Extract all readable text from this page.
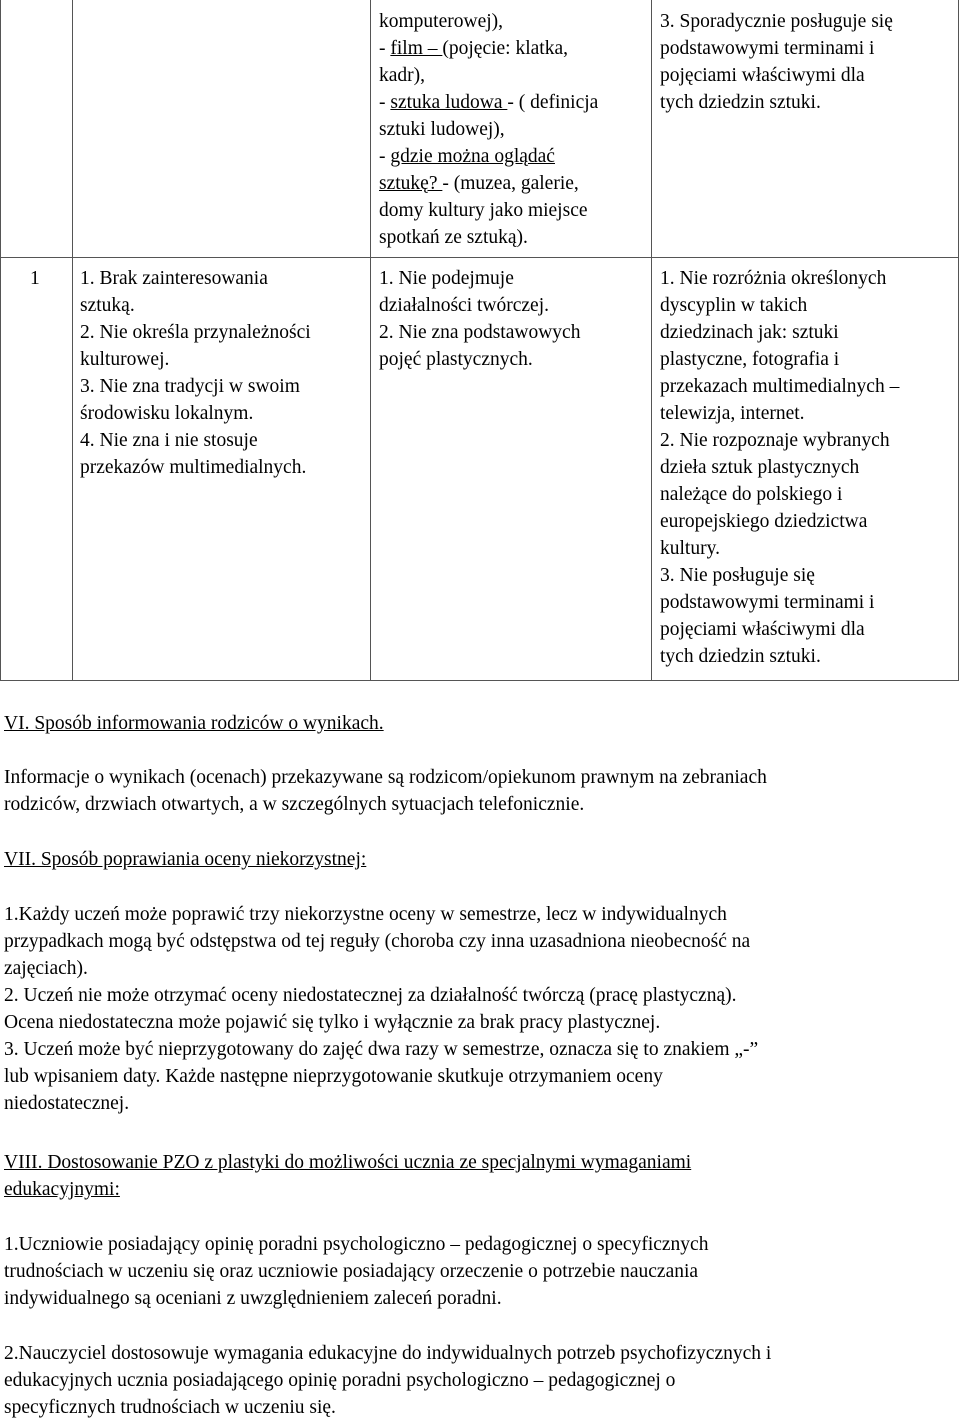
komputerowej),
- film – (pojęcie: klatka,
kadr),
- sztuka ludowa - ( definicja
sztuki ludowej),
- gdzie można oglądać
sztukę? - (muzea, galerie,
domy kultury jako miejsce
spotkań ze sztuką).
3. Sporadycznie posługuje się
podstawowymi terminami i
pojęciami właściwymi dla
tych dziedzin sztuki.
1 1. Brak zainteresowania
sztuką.
2. Nie określa przynależności
kulturowej.
3. Nie zna tradycji w swoim
środowisku lokalnym.
4. Nie zna i nie stosuje
przekazów multimedialnych.
1. Nie podejmuje
działalności twórczej.
2. Nie zna podstawowych
pojęć plastycznych.
1. Nie rozróżnia określonych
dyscyplin w takich
dziedzinach jak: sztuki
plastyczne, fotografia i
przekazach multimedialnych –
telewizja, internet.
2. Nie rozpoznaje wybranych
dzieła sztuk plastycznych
należące do polskiego i
europejskiego dziedzictwa
kultury.
3. Nie posługuje się
podstawowymi terminami i
pojęciami właściwymi dla
tych dziedzin sztuki.
VI. Sposób informowania rodziców o wynikach.
Informacje o wynikach (ocenach) przekazywane są rodzicom/opiekunom prawnym na zebraniach
rodziców, drzwiach otwartych, a w szczególnych sytuacjach telefonicznie.
VII. Sposób poprawiania oceny niekorzystnej:
1.Każdy uczeń może poprawić trzy niekorzystne oceny w semestrze, lecz w indywidualnych
przypadkach mogą być odstępstwa od tej reguły (choroba czy inna uzasadniona nieobecność na
zajęciach).
2. Uczeń nie może otrzymać oceny niedostatecznej za działalność twórczą (pracę plastyczną).
Ocena niedostateczna może pojawić się tylko i wyłącznie za brak pracy plastycznej.
3. Uczeń może być nieprzygotowany do zajęć dwa razy w semestrze, oznacza się to znakiem „-”
lub wpisaniem daty. Każde następne nieprzygotowanie skutkuje otrzymaniem oceny
niedostatecznej.
VIII. Dostosowanie PZO z plastyki do możliwości ucznia ze specjalnymi wymaganiami
edukacyjnymi:
1.Uczniowie posiadający opinię poradni psychologiczno – pedagogicznej o specyficznych
trudnościach w uczeniu się oraz uczniowie posiadający orzeczenie o potrzebie nauczania
indywidualnego są oceniani z uwzględnieniem zaleceń poradni.
2.Nauczyciel dostosowuje wymagania edukacyjne do indywidualnych potrzeb psychofizycznych i
edukacyjnych ucznia posiadającego opinię poradni psychologiczno – pedagogicznej o
specyficznych trudnościach w uczeniu się.
